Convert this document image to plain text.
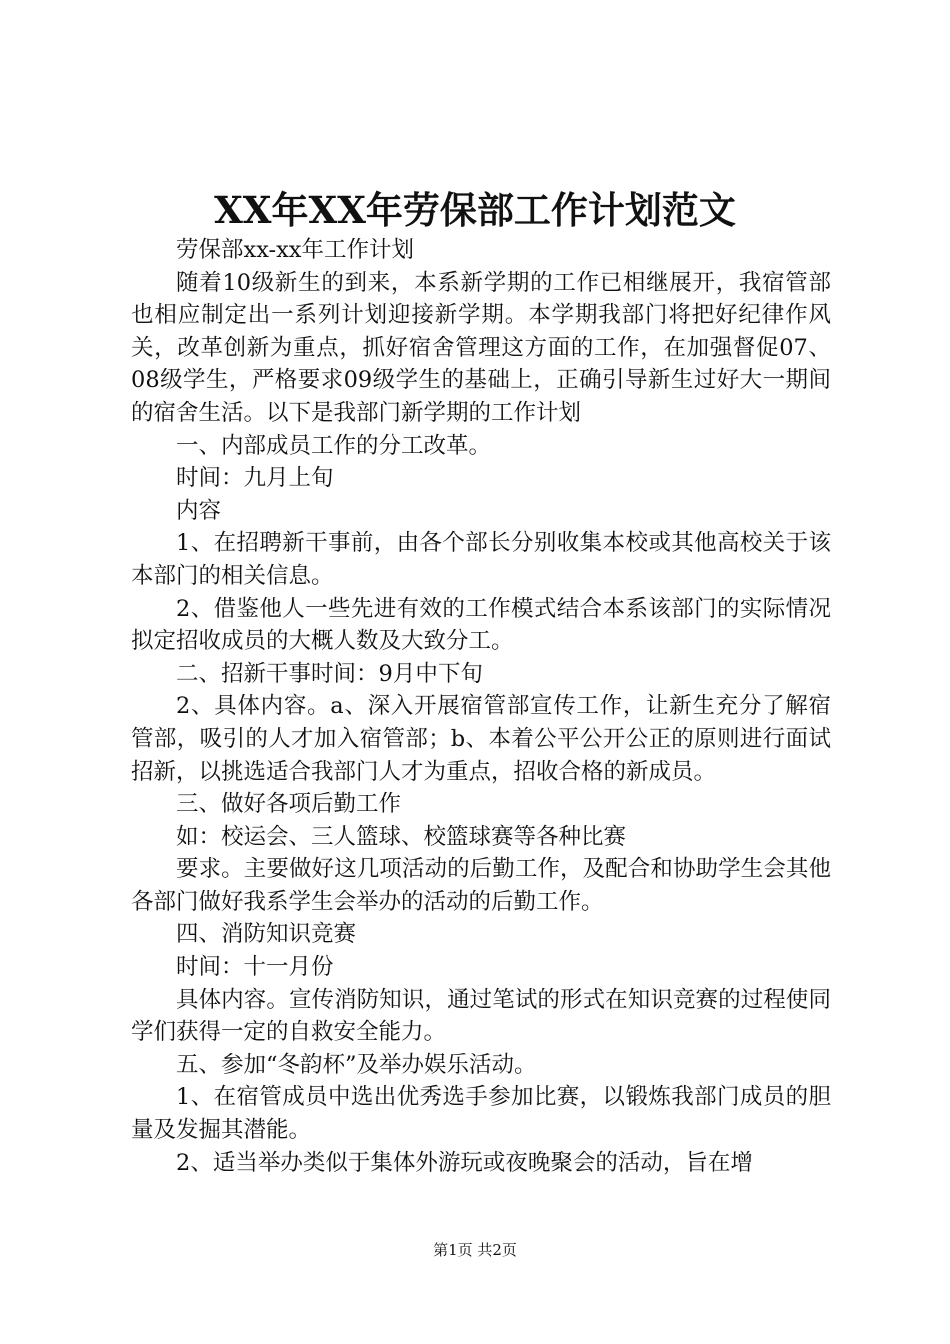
XX年XX年劳保部工作计划范文

劳保部xx-xx年工作计划

随着10级新生的到来，本系新学期的工作已相继展开，我宿管部也相应制定出一系列计划迎接新学期。本学期我部门将把好纪律作风关，改革创新为重点，抓好宿舍管理这方面的工作，在加强督促07、08级学生，严格要求09级学生的基础上，正确引导新生过好大一期间的宿舍生活。以下是我部门新学期的工作计划

一、内部成员工作的分工改革。

时间：九月上旬

内容

1、在招聘新干事前，由各个部长分别收集本校或其他高校关于该本部门的相关信息。

2、借鉴他人一些先进有效的工作模式结合本系该部门的实际情况拟定招收成员的大概人数及大致分工。

二、招新干事时间：9月中下旬

2、具体内容。a、深入开展宿管部宣传工作，让新生充分了解宿管部，吸引的人才加入宿管部；b、本着公平公开公正的原则进行面试招新，以挑选适合我部门人才为重点，招收合格的新成员。

三、做好各项后勤工作

如：校运会、三人篮球、校篮球赛等各种比赛

要求。主要做好这几项活动的后勤工作，及配合和协助学生会其他各部门做好我系学生会举办的活动的后勤工作。

四、消防知识竞赛

时间：十一月份

具体内容。宣传消防知识，通过笔试的形式在知识竞赛的过程使同学们获得一定的自救安全能力。

五、参加“冬韵杯”及举办娱乐活动。

1、在宿管成员中选出优秀选手参加比赛，以锻炼我部门成员的胆量及发掘其潜能。

2、适当举办类似于集体外游玩或夜晚聚会的活动，旨在增

第1页 共2页
